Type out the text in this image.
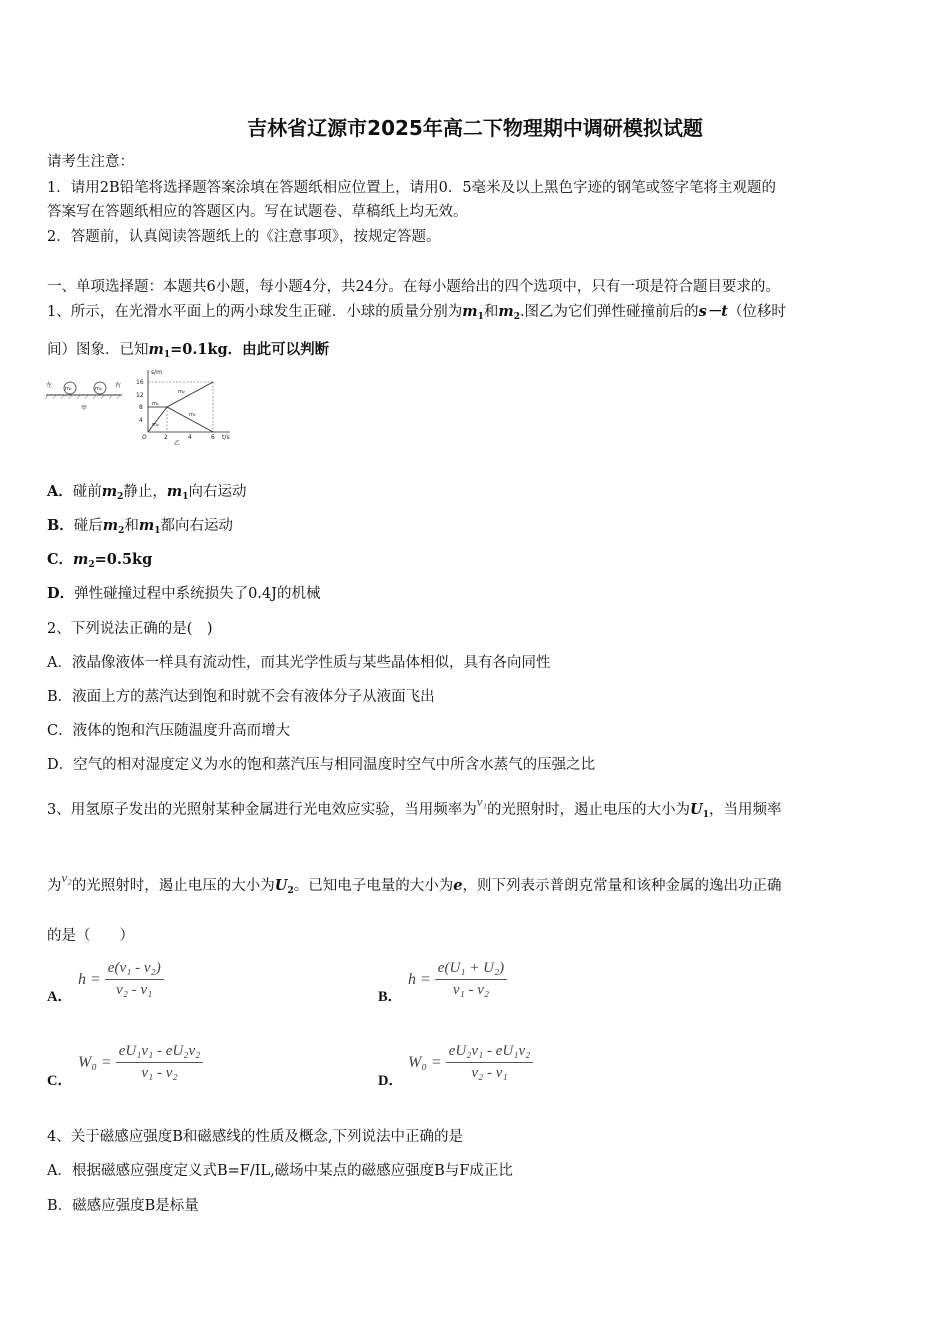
吉林省辽源市2025年高二下物理期中调研模拟试题
请考生注意：
1．请用2B铅笔将选择题答案涂填在答题纸相应位置上，请用0．5毫米及以上黑色字迹的钢笔或签字笔将主观题的
答案写在答题纸相应的答题区内。写在试题卷、草稿纸上均无效。
2．答题前，认真阅读答题纸上的《注意事项》，按规定答题。
一、单项选择题：本题共6小题，每小题4分，共24分。在每小题给出的四个选项中，只有一项是符合题目要求的。
1、所示，在光滑水平面上的两小球发生正碰．小球的质量分别为$m_1$和$m_2$.图乙为它们弹性碰撞前后的s－t（位移时
间）图象．已知$m_1=0.1kg$．由此可以判断
左	右
m₁	m₂
甲
s/m
t/s
O
4
8
12
16
2	4	6
m₂
m₁
m₁
m₂
乙
A．碰前$m_2$静止，$m_1$向右运动
B．碰后$m_2$和$m_1$都向右运动
C．$m_2=0.5kg$
D．弹性碰撞过程中系统损失了0.4J的机械
2、下列说法正确的是(　)
A．液晶像液体一样具有流动性，而其光学性质与某些晶体相似，具有各向同性
B．液面上方的蒸汽达到饱和时就不会有液体分子从液面飞出
C．液体的饱和汽压随温度升高而增大
D．空气的相对湿度定义为水的饱和蒸汽压与相同温度时空气中所含水蒸气的压强之比
3、用氢原子发出的光照射某种金属进行光电效应实验，当用频率为ν₁的光照射时，遏止电压的大小为$U_1$，当用频率
为ν₂的光照射时，遏止电压的大小为$U_2$。已知电子电量的大小为e，则下列表示普朗克常量和该种金属的逸出功正确
的是（　　）
A．
$h = \frac{\text{e(ν₁ - ν₂)}}{\text{ν₂ - ν₁}}$	B．
$h = \frac{\text{e(U₁ + U₂)}}{\text{ν₁ - ν₂}}$
C．
$W_0 = \frac{\text{eU₁ν₁ - eU₂ν₂}}{\text{ν₁ - ν₂}}$	D．
$W_0 = \frac{\text{eU₂ν₁ - eU₁ν₂}}{\text{ν₂ - ν₁}}$
4、关于磁感应强度B和磁感线的性质及概念,下列说法中正确的是
A．根据磁感应强度定义式B=F/IL,磁场中某点的磁感应强度B与F成正比
B．磁感应强度B是标量
